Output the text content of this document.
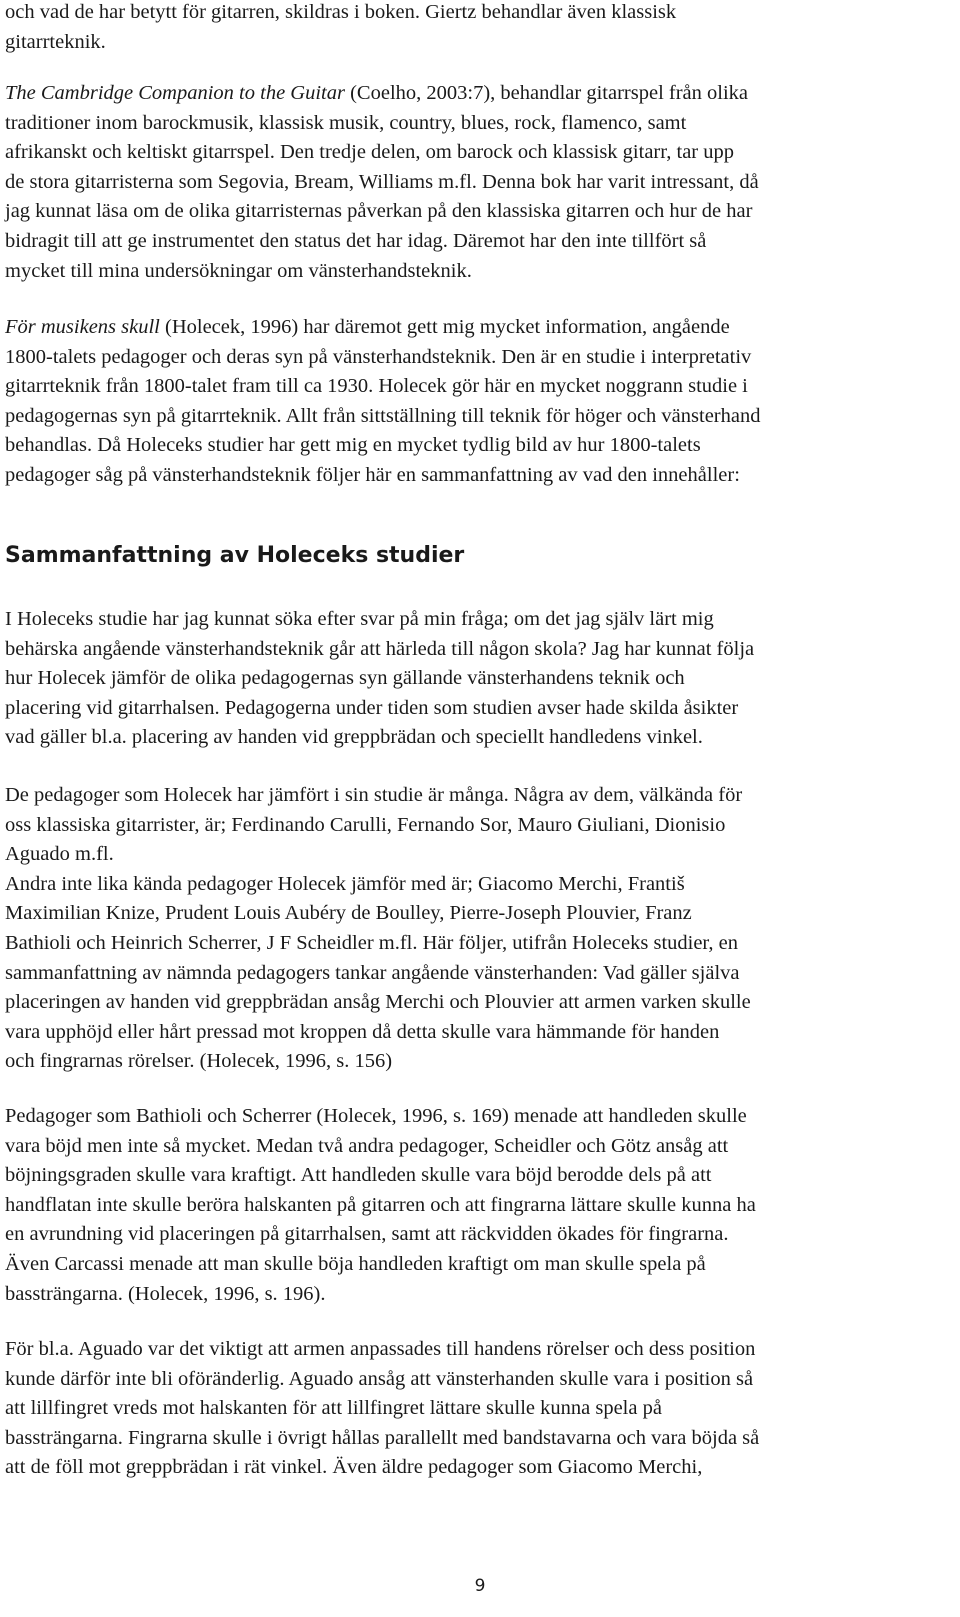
och vad de har betytt för gitarren, skildras i boken. Giertz behandlar även klassisk
gitarrteknik.

The Cambridge Companion to the Guitar (Coelho, 2003:7), behandlar gitarrspel från olika
traditioner inom barockmusik, klassisk musik, country, blues, rock, flamenco, samt
afrikanskt och keltiskt gitarrspel. Den tredje delen, om barock och klassisk gitarr, tar upp
de stora gitarristerna som Segovia, Bream, Williams m.fl. Denna bok har varit intressant, då
jag kunnat läsa om de olika gitarristernas påverkan på den klassiska gitarren och hur de har
bidragit till att ge instrumentet den status det har idag. Däremot har den inte tillfört så
mycket till mina undersökningar om vänsterhandsteknik.

För musikens skull (Holecek, 1996) har däremot gett mig mycket information, angående
1800-talets pedagoger och deras syn på vänsterhandsteknik. Den är en studie i interpretativ
gitarrteknik från 1800-talet fram till ca 1930. Holecek gör här en mycket noggrann studie i
pedagogernas syn på gitarrteknik. Allt från sittställning till teknik för höger och vänsterhand
behandlas. Då Holeceks studier har gett mig en mycket tydlig bild av hur 1800-talets
pedagoger såg på vänsterhandsteknik följer här en sammanfattning av vad den innehåller:

Sammanfattning av Holeceks studier

I Holeceks studie har jag kunnat söka efter svar på min fråga; om det jag själv lärt mig
behärska angående vänsterhandsteknik går att härleda till någon skola? Jag har kunnat följa
hur Holecek jämför de olika pedagogernas syn gällande vänsterhandens teknik och
placering vid gitarrhalsen. Pedagogerna under tiden som studien avser hade skilda åsikter
vad gäller bl.a. placering av handen vid greppbrädan och speciellt handledens vinkel.

De pedagoger som Holecek har jämfört i sin studie är många. Några av dem, välkända för
oss klassiska gitarrister, är; Ferdinando Carulli, Fernando Sor, Mauro Giuliani, Dionisio
Aguado m.fl.
Andra inte lika kända pedagoger Holecek jämför med är; Giacomo Merchi, Františ
Maximilian Knize, Prudent Louis Aubéry de Boulley, Pierre-Joseph Plouvier, Franz
Bathioli och Heinrich Scherrer, J F Scheidler m.fl. Här följer, utifrån Holeceks studier, en
sammanfattning av nämnda pedagogers tankar angående vänsterhanden: Vad gäller själva
placeringen av handen vid greppbrädan ansåg Merchi och Plouvier att armen varken skulle
vara upphöjd eller hårt pressad mot kroppen då detta skulle vara hämmande för handen
och fingrarnas rörelser. (Holecek, 1996, s. 156)

Pedagoger som Bathioli och Scherrer (Holecek, 1996, s. 169) menade att handleden skulle
vara böjd men inte så mycket. Medan två andra pedagoger, Scheidler och Götz ansåg att
böjningsgraden skulle vara kraftigt. Att handleden skulle vara böjd berodde dels på att
handflatan inte skulle beröra halskanten på gitarren och att fingrarna lättare skulle kunna ha
en avrundning vid placeringen på gitarrhalsen, samt att räckvidden ökades för fingrarna.
Även Carcassi menade att man skulle böja handleden kraftigt om man skulle spela på
bassträngarna. (Holecek, 1996, s. 196).

För bl.a. Aguado var det viktigt att armen anpassades till handens rörelser och dess position
kunde därför inte bli oföränderlig. Aguado ansåg att vänsterhanden skulle vara i position så
att lillfingret vreds mot halskanten för att lillfingret lättare skulle kunna spela på
bassträngarna. Fingrarna skulle i övrigt hållas parallellt med bandstavarna och vara böjda så
att de föll mot greppbrädan i rät vinkel. Även äldre pedagoger som Giacomo Merchi,

9
